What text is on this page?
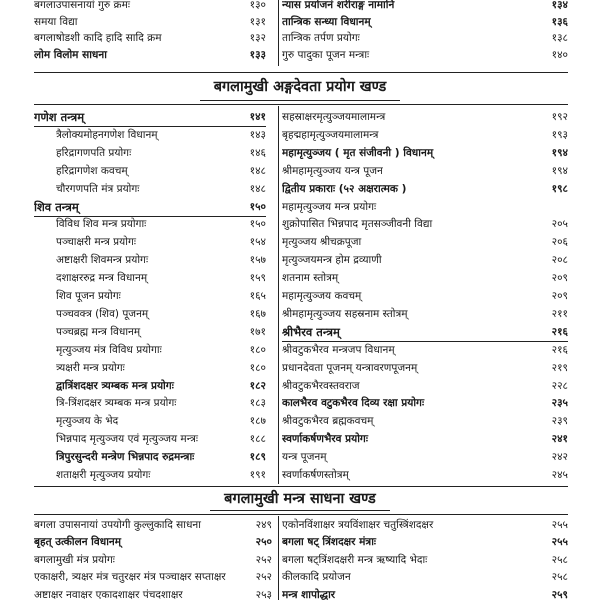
बगलाउपासनायां गुरु क्रमः	१३०
समया विद्या	१३१
बगलाषोडशी कादि हादि सादि क्रम	१३२
लोम विलोम साधना	१३३
न्यास प्रयोजनं शरीराङ्ग नामानि	१३४
तान्त्रिक सन्ध्या विधानम्	१३६
तान्त्रिक तर्पण प्रयोगः	१३८
गुरु पादुका पूजन मन्त्राः	१४०
बगलामुखी अङ्गदेवता प्रयोग खण्ड
गणेश तन्त्रम्	१४१
त्रैलोक्यमोहनगणेश विधानम्	१४३
हरिद्रागणपति प्रयोगः	१४६
हरिद्रागणेश कवचम्	१४८
चौरगणपति मंत्र प्रयोगः	१४८
शिव तन्त्रम्	१५०
विविध शिव मन्त्र प्रयोगाः	१५०
पञ्चाक्षरी मन्त्र प्रयोगः	१५४
अष्टाक्षरी शिवमन्त्र प्रयोगः	१५७
दशाक्षररुद्र मन्त्र विधानम्	१५९
शिव पूजन प्रयोगः	१६५
पञ्चवक्त्र (शिव) पूजनम्	१६७
पञ्चब्रह्म मन्त्र विधानम्	१७१
मृत्युञ्जय मंत्र विविध प्रयोगाः	१८०
त्र्यक्षरी मन्त्र प्रयोगः	१८०
द्वात्रिंशदक्षर त्र्यम्बक मन्त्र प्रयोगः	१८२
त्रि-त्रिंशदक्षर त्र्यम्बक मन्त्र प्रयोगः	१८३
मृत्युञ्जय के भेद	१८७
भिन्नपाद मृत्युञ्जय एवं मृत्युञ्जय मन्त्रः	१८८
त्रिपुरसुन्दरी मन्त्रेण भिन्नपाद रुद्रमन्त्राः	१८९
शताक्षरी मृत्युञ्जय प्रयोगः	१९१
सहस्राक्षरमृत्युञ्जयमालामन्त्र	१९२
बृहद्महामृत्युञ्जयमालामन्त्र	१९३
महामृत्युञ्जय ( मृत संजीवनी ) विधानम्	१९४
श्रीमहामृत्युञ्जय यन्त्र पूजन	१९४
द्वितीय प्रकाराः (५२ अक्षरात्मक )	१९८
महामृत्युञ्जय मन्त्र प्रयोगः
शुक्रोपासित भिन्नपाद मृतसञ्जीवनी विद्या	२०५
मृत्युञ्जय श्रीचक्रपूजा	२०६
मृत्युञ्जयमन्त्र होम द्रव्याणी	२०८
शतनाम स्तोत्रम्	२०९
महामृत्युञ्जय कवचम्	२०९
श्रीमहामृत्युञ्जय सहस्रनाम स्तोत्रम्	२११
श्रीभैरव तन्त्रम्	२१६
श्रीवटुकभैरव मन्त्रजप विधानम्	२१६
प्रधानदेवता पूजनम् यन्त्रावरणपूजनम्	२१९
श्रीवटुकभैरवस्तवराज	२२८
कालभैरव वटुकभैरव दिव्य रक्षा प्रयोगः	२३५
श्रीवटुकभैरव ब्रह्मकवचम्	२३९
स्वर्णाकर्षणभैरव प्रयोगः	२४१
यन्त्र पूजनम्	२४२
स्वर्णाकर्षणस्तोत्रम्	२४५
बगलामुखी मन्त्र साधना खण्ड
बगला उपासनायां उपयोगी कुल्लुकादि साधना	२४९
बृहत् उत्कीलन विधानम्	२५०
बगलामुखी मंत्र प्रयोगः	२५२
एकाक्षरी, त्र्यक्षर मंत्र चतुरक्षर मंत्र पञ्चाक्षर सप्ताक्षर	२५२
अष्टाक्षर नवाक्षर एकादशाक्षर पंचदशाक्षर	२५३
एकोनविंशाक्षर त्रयविंशाक्षर चतुस्त्रिंशदक्षर	२५५
बगला षट् त्रिंशदक्षर मंत्राः	२५५
बगला षट्त्रिंशदक्षरी मन्त्र ऋष्यादि भेदाः	२५८
कीलकादि प्रयोजन	२५८
मन्त्र शापोद्धार	२५९
